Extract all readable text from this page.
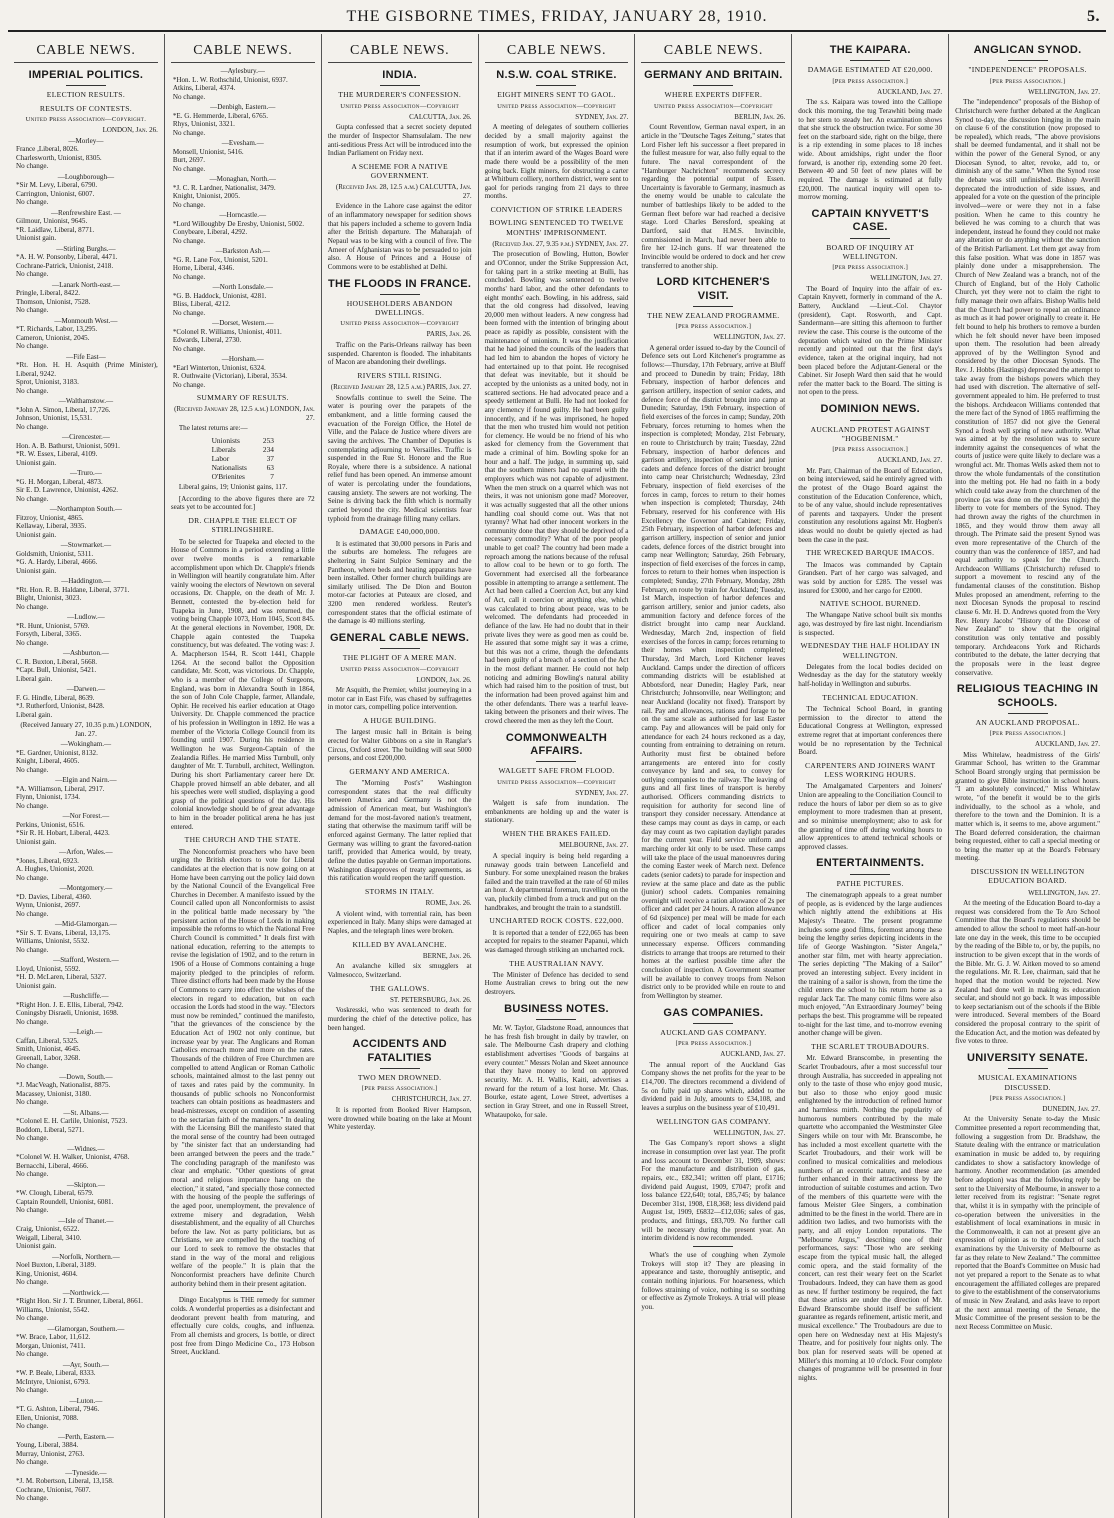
THE GISBORNE TIMES, FRIDAY, JANUARY 28, 1910.	5.
CABLE NEWS.
IMPERIAL POLITICS.
ELECTION RESULTS.
RESULTS OF CONTESTS.
United Press Association—Copyright.
LONDON, Jan. 26.
—Morley—
France ,Liberal, 8026.
Charlesworth, Unionist, 8305.
No change.
—Loughborough—
*Sir M. Levy, Liberal, 6790.
Carrington, Unionist, 6007.
No change.
—Renfrewshire East. —
Gilmour, Unionist, 9645.
*R. Laidlaw, Liberal, 8771.
Unionist gain.
—Stirling Burghs.—
*A. H. W. Ponsonby, Liberal, 4471.
Cochrane-Patrick, Unionist, 2418.
No change.
—Lanark North-east.—
Pringle, Liberal, 8422.
Thomson, Unionist, 7528.
No change.
—Monmouth West.—
*T. Richards, Labor, 13,295.
Cameron, Unionist, 2045.
No change.
—Fife East—
*Rt. Hon. H. H. Asquith (Prime Minister), Liberal, 9242.
Sprot, Unionist, 3183.
No change.
—Walthamstow.—
*John A. Simon, Liberal, 17,726.
Johnson, Unionist, 15,531.
No change.
—Cirencester.—
Hon. A. B. Bathurst, Unionist, 5091.
*R. W. Essex, Liberal, 4109.
Unionist gain.
—Truro.—
*G. H. Morgan, Liberal, 4873.
Sir E. D. Lawrence, Unionist, 4262.
No change.
—Northampton South.—
Fitzroy, Unionist, 4865.
Kellaway, Liberal, 3935.
Unionist gain.
—Stowmarket.—
Goldsmith, Unionist, 5311.
*G. A. Hardy, Liberal, 4666.
Unionist gain.
—Haddington.—
*Rt. Hon. R. B. Haldane, Liberal, 3771.
Blight, Unionist, 3023.
No change.
—Ludlow.—
*R. Hunt, Unionist, 5769.
Forsyth, Liberal, 3365.
No change.
—Ashburton.—
C. R. Buxton, Liberal, 5668.
*Capt. Bull, Unionist, 5421.
Liberal gain.
—Darwen.—
F. G. Hindle, Liberal, 8639.
*J. Rutherford, Unionist, 8428.
Liberal gain.
(Received January 27, 10.35 p.m.) LONDON, Jan. 27.
—Wokingham.—
*E. Gardner, Unionist, 8132.
Knight, Liberal, 4605.
No change.
—Elgin and Nairn.—
*A. Williamson, Liberal, 2917.
Flynn, Unionist, 1734.
No change.
—Nor Forest.—
Perkins, Unionist, 6516.
*Sir R. H. Hobart, Liberal, 4423.
Unionist gain.
—Arfon, Wales.—
*Jones, Liberal, 6923.
A. Hughes, Unionist, 2020.
No change.
—Montgomery.—
*D. Davies, Liberal, 4360.
Wynn, Unionist, 2697.
No change.
—Mid-Glamorgan.—
*Sir S. T. Evans, Liberal, 13,175.
Williams, Unionist, 5532.
No change.
—Stafford, Western.—
Lloyd, Unionist, 5592.
*H. D. McLaren, Liberal, 5327.
Unionist gain.
—Rushcliffe.—
*Right Hon. J. E. Ellis, Liberal, 7942.
Coningsby Disraeli, Unionist, 1698.
No change.
—Leigh.—
Caffan, Liberal, 5325.
Smith, Unionist, 4645.
Greenall, Labor, 3268.
No change.
—Down, South.—
*J. MacVeagh, Nationalist, 8875.
Macassey, Unionist, 3180.
No change.
—St. Albans.—
*Colonel E. H. Carlile, Unionist, 7523.
Boddom, Liberal, 5271.
No change.
—Widnes.—
*Colonel W. H. Walker, Unionist, 4768.
Bernacchi, Liberal, 4666.
No change.
—Skipton.—
*W. Clough, Liberal, 6579.
Captain Roundell, Unionist, 6081.
No change.
—Isle of Thanet.—
Craig, Unionist, 6522.
Weigall, Liberal, 3410.
Unionist gain.
—Norfolk, Northern.—
Noel Buxton, Liberal, 3189.
King, Unionist, 4604.
No change.
—Northwick.—
*Right Hon. Sir J. T. Brunner, Liberal, 8661.
Williams, Unionist, 5542.
No change.
—Glamorgan, Southern.—
*W. Brace, Labor, 11,612.
Morgan, Unionist, 7411.
No change.
—Ayr, South.—
*W. P. Beale, Liberal, 8333.
McIntyre, Unionist, 6793.
No change.
—Luton.—
*T. G. Ashton, Liberal, 7946.
Ellen, Unionist, 7088.
No change.
—Perth, Eastern.—
Young, Liberal, 3884.
Murray, Unionist, 2763.
No change.
—Tyneside.—
*J. M. Robertson, Liberal, 13,158.
Cochrane, Unionist, 7607.
No change.
CABLE NEWS.
—Aylesbury.—
*Hon. L. W. Rothschild, Unionist, 6937.
Atkins, Liberal, 4374.
No change.
—Denbigh, Eastern.—
*E. G. Hemmerde, Liberal, 6765.
Rhys, Unionist, 3321.
No change.
—Evesham.—
Monsell, Unionist, 5416.
Burt, 2697.
No change.
—Monaghan, North.—
*J. C. R. Lardner, Nationalist, 3479.
Knight, Unionist, 2005.
No change.
—Horncastle.—
*Lord Willoughby De Eresby, Unionist, 5002.
Conybeare, Liberal, 4292.
No change.
—Barkston Ash.—
*G. R. Lane Fox, Unionist, 5201.
Horne, Liberal, 4346.
No change.
—North Lonsdale.—
*G. B. Haddock, Unionist, 4281.
Bliss, Liberal, 4212.
No change.
—Dorset, Western.—
*Colonel R. Williams, Unionist, 4011.
Edwards, Liberal, 2730.
No change.
—Horsham.—
*Earl Winterton, Unionist, 6324.
R. Outhwaite (Victorian), Liberal, 3534.
No change.
SUMMARY OF RESULTS.
(Received January 28, 12.5 a.m.) LONDON, Jan. 27.

The latest returns are:—

Unionists	253
Liberals	234
Labor	37
Nationalists	63
O'Brienites	7

Liberal gains, 19; Unionist gains, 117.

[According to the above figures there are 72 seats yet to be accounted for.]

DR. CHAPPLE THE ELECT OF STIRLINGSHIRE.

To be selected for Tuapeka and elected to the House of Commons in a period extending a little over twelve months is a remarkable accomplishment upon which Dr. Chapple's friends in Wellington will heartily congratulate him. After vainly wooing the electors of Newtown on several occasions, Dr. Chapple, on the death of Mr. J. Bennett, contested the by-election held for Tuapeka in June, 1908, and was returned, the voting being Chapple 1073, Horn 1045, Scott 845. At the general elections in November, 1908, Dr. Chapple again contested the Tuapeka constituency, but was defeated. The voting was: J. A. Macpherson 1544, R. Scott 1441, Chapple 1264. At the second ballot the Opposition candidate, Mr. Scott, was victorious. Dr. Chapple, who is a member of the College of Surgeons, England, was born in Alexandra South in 1864, the son of John Cole Chapple, farmer, Allandale, Ophir. He received his earlier education at Otago University. Dr. Chapple commenced the practice of his profession in Wellington in 1892. He was a member of the Victoria College Council from its founding until 1907. During his residence in Wellington he was Surgeon-Captain of the Zealandia Rifles. He married Miss Turnbull, only daughter of Mr. T. Turnbull, architect, Wellington. During his short Parliamentary career here Dr. Chapple proved himself an able debater, and all his speeches were well studied, displaying a good grasp of the political questions of the day. His colonial knowledge should be of great advantage to him in the broader political arena he has just entered.

THE CHURCH AND THE STATE.

The Nonconformist preachers who have been urging the British electors to vote for Liberal candidates at the election that is now going on at Home have been carrying out the policy laid down by the National Council of the Evangelical Free Churches in December. A manifesto issued by the Council called upon all Nonconformists to assist in the political battle made necessary by "the persistent action of the House of Lords in making impossible the reforms to which the National Free Church Council is committed." It deals first with national education, referring to the attempts to revise the legislation of 1902, and to the return in 1906 of a House of Commons containing a huge majority pledged to the principles of reform. Three distinct efforts had been made by the House of Commons to carry into effect the wishes of the electors in regard to education, but on each occasion the Lords had stood in the way. "Electors must now be reminded," continued the manifesto, "that the grievances of the conscience by the Education Act of 1902 not only continue, but increase year by year. The Anglicans and Roman Catholics encroach more and more on the rates. Thousands of the children of Free Churchmen are compelled to attend Anglican or Roman Catholic schools, maintained almost to the last penny out of taxes and rates paid by the community. In thousands of public schools no Nonconformist teachers can obtain positions as headmasters and head-mistresses, except on condition of assenting to the sectarian faith of the managers." In dealing with the Licensing Bill the manifesto stated that the moral sense of the country had been outraged by "the sinister fact that an understanding had been arranged between the peers and the trade." The concluding paragraph of the manifesto was clear and emphatic. "Other questions of great moral and religious importance hang on the election," it stated, "and specially those connected with the housing of the people the sufferings of the aged poor, unemployment, the prevalence of extreme misery and degradation, Welsh disestablishment, and the equality of all Churches before the law. Not as party politicians, but as Christians, we are compelled by the teaching of our Lord to seek to remove the obstacles that stand in the way of the moral and religious welfare of the people." It is plain that the Nonconformist preachers have definite Church authority behind them in their present agitation.

Dingo Eucalyptus is THE remedy for summer colds. A wonderful properties as a disinfectant and deodorant prevent health from maturing, and effectually cure colds, coughs, and influenza. From all chemists and grocers, 1s bottle, or direct post free from Dingo Medicine Co., 173 Hobson Street, Auckland.

CABLE NEWS.
INDIA.
THE MURDERER'S CONFESSION.
United Press Association—Copyright
CALCUTTA, Jan. 26.

Gupta confessed that a secret society deputed the murder of Inspector Shamsulalam. The new anti-seditious Press Act will be introduced into the Indian Parliament on Friday next.

A SCHEME FOR A NATIVE GOVERNMENT.
(Received Jan. 28, 12.5 a.m.) CALCUTTA, Jan. 27.

Evidence in the Lahore case against the editor of an inflammatory newspaper for sedition shows that his papers included a scheme to govern India after the British departure. The Maharajah of Nepaul was to be king with a council of five. The Ameer of Afghanistan was to be persuaded to join also. A House of Princes and a House of Commons were to be established at Delhi.

THE FLOODS IN FRANCE.
HOUSEHOLDERS ABANDON DWELLINGS.
United Press Association—Copyright
PARIS, Jan. 26.

Traffic on the Paris-Orleans railway has been suspended. Charenton is flooded. The inhabitants of Macon are abandoning their dwellings.

RIVERS STILL RISING.
(Received January 28, 12.5 a.m.) PARIS, Jan. 27.

Snowfalls continue to swell the Seine. The water is pouring over the parapets of the embankment, and a little forming caused the evacuation of the Foreign Office, the Hotel de Ville, and the Palace de Justice where divers are saving the archives. The Chamber of Deputies is contemplating adjourning to Versailles. Traffic is suspended in the Rue St. Honore and the Rue Royale, where there is a subsidence. A national relief fund has been opened. An immense amount of water is percolating under the foundations, causing anxiety. The sewers are not working. The Seine is driving back the filth which is normally carried beyond the city. Medical scientists fear typhoid from the drainage filling many cellars.

DAMAGE £40,000,000.

It is estimated that 30,000 persons in Paris and the suburbs are homeless. The refugees are sheltering in Saint Sulpice Seminary and the Pantheon, where beds and heating apparatus have been installed. Other former church buildings are similarly utilised. The De Dion and Bouton motor-car factories at Puteaux are closed, and 3200 men rendered workless. Reuter's correspondent states that the official estimate of the damage is 40 millions sterling.

GENERAL CABLE NEWS.
THE PLIGHT OF A MERE MAN.
United Press Association—Copyright
LONDON, Jan. 26.

Mr Asquith, the Premier, whilst journeying in a motor car in East Fife, was chased by suffragettes in motor cars, compelling police intervention.

A HUGE BUILDING.

The largest music hall in Britain is being erected for Walter Gibbons on a site in Ranglar's Circus, Oxford street. The building will seat 5000 persons, and cost £200,000.

GERMANY AND AMERICA.

The "Morning Post's" Washington correspondent states that the real difficulty between America and Germany is not the admission of American meat, but Washington's demand for the most-favored nation's treatment, stating that otherwise the maximum tariff will be enforced against Germany. The latter replied that Germany was willing to grant the favored-nation tariff, provided that America would, by treaty, define the duties payable on German importations. Washington disapproves of treaty agreements, as this ratification would reopen the tariff question.

STORMS IN ITALY.
ROME, Jan. 26.

A violent wind, with torrential rain, has been experienced in Italy. Many ships were damaged at Naples, and the telegraph lines were broken.

KILLED BY AVALANCHE.
BERNE, Jan. 26.

An avalanche killed six smugglers at Valmesocco, Switzerland.

THE GALLOWS.
ST. PETERSBURG, Jan. 26.

Voskresski, who was sentenced to death for murdering the chief of the detective police, has been hanged.

ACCIDENTS AND FATALITIES
TWO MEN DROWNED.
[Per Press Association.]
CHRISTCHURCH, Jan. 27.

It is reported from Booked River Hampson, were drowned while boating on the lake at Mount White yesterday.

CABLE NEWS.
N.S.W. COAL STRIKE.
EIGHT MINERS SENT TO GAOL.
United Press Association—Copyright
SYDNEY, Jan. 27.

A meeting of delegates of southern collieries decided by a small majority against the resumption of work, but expressed the opinion that if an interim award of the Wages Board were made there would be a possibility of the men going back. Eight miners, for obstructing a carter at Whitburn colliery, northern district, were sent to gaol for periods ranging from 21 days to three months.

CONVICTION OF STRIKE LEADERS
BOWLING SENTENCED TO TWELVE MONTHS' IMPRISONMENT.
(Received Jan. 27, 9.35 p.m.) SYDNEY, Jan. 27.

The prosecution of Bowling, Hutton, Bowler and O'Connor, under the Strike Suppression Act, for taking part in a strike meeting at Bulli, has concluded. Bowling was sentenced to twelve months' hard labor, and the other defendants to eight months' each. Bowling, in his address, said that the old congress had dissolved, leaving 20,000 men without leaders. A new congress had been formed with the intention of bringing about peace as rapidly as possible, consistent with the maintenance of unionism. It was the justification that he had joined the councils of the leaders that had led him to abandon the hopes of victory he had entertained up to that point. He recognised that defeat was inevitable, but it should be accepted by the unionists as a united body, not in scattered sections. He had advocated peace and a speedy settlement at Bulli. He had not looked for any clemency if found guilty. He had been guilty innocently, and if he was imprisoned, he hoped that the men who trusted him would not petition for clemency. He would be no friend of his who asked for clemency from the Government that made a criminal of him. Bowling spoke for an hour and a half. The judge, in summing up, said that the southern miners had no quarrel with the employers which was not capable of adjustment. When the men struck on a quarrel which was not theirs, it was not unionism gone mad? Moreover, it was actually suggested that all the other unions handling coal should come out. Was that not tyranny? What had other innocent workers in the community done that they should be deprived of a necessary commodity? What of the poor people unable to get coal? The country had been made a reproach among the nations because of the refusal to allow coal to be hewn or to go forth. The Government had exercised all the forbearance possible in attempting to arrange a settlement. The Act had been called a Coercion Act, but any kind of Act, call it coercion or anything else, which was calculated to bring about peace, was to be welcomed. The defendants had proceeded in defiance of the law. He had no doubt that in their private lives they were as good men as could be. He assured that some might say it was a crime, but this was not a crime, though the defendants had been guilty of a breach of a section of the Act in the most defiant manner. He could not help noticing and admiring Bowling's natural ability which had raised him to the position of trust, but the information had been proved against him and the other defendants. There was a tearful leave-taking between the prisoners and their wives. The crowd cheered the men as they left the Court.

COMMONWEALTH AFFAIRS.
WALGETT SAFE FROM FLOOD.
United Press Association—Copyright
SYDNEY, Jan. 27.

Walgett is safe from inundation. The embankments are holding up and the water is stationary.

WHEN THE BRAKES FAILED.
MELBOURNE, Jan. 27.

A special inquiry is being held regarding a runaway goods train between Lancefield and Sunbury. For some unexplained reason the brakes failed and the train travelled at the rate of 60 miles an hour. A departmental foreman, travelling on the van, pluckily climbed from a truck and put on the handbrakes, and brought the train to a standstill.

UNCHARTED ROCK COSTS. £22,000.

It is reported that a tender of £22,065 has been accepted for repairs to the steamer Papanui, which was damaged through striking an uncharted rock.

THE AUSTRALIAN NAVY.

The Minister of Defence has decided to send Home Australian crews to bring out the new destroyers.

BUSINESS NOTES.

Mr. W. Taylor, Gladstone Road, announces that he has fresh fish brought in daily by trawler, on sale. The Melbourne Cash drapery and clothing establishment advertises "Goods of bargains at every counter." Messrs Nolan and Skeet announce that they have money to lend on approved security. Mr. A. H. Wallis, Kaiti, advertises a reward for the return of a lost horse. Mr. Chas. Bourke, estate agent, Lowe Street, advertises a section in Gray Street, and one in Russell Street, Whataupoko, for sale.

CABLE NEWS.
GERMANY AND BRITAIN.
WHERE EXPERTS DIFFER.
United Press Association—Copyright
BERLIN, Jan. 26.

Count Reventlow, German naval expert, in an article in the "Deutsche Tages Zeitung," states that Lord Fisher left his successor a fleet prepared in the fullest measure for war, also fully equal to the future. The naval correspondent of the "Hamburger Nachrichten" recommends secrecy regarding the potential output of Essen. Uncertainty is favorable to Germany, inasmuch as the enemy would be unable to calculate the number of battleships likely to be added to the German fleet before war had reached a decisive stage. Lord Charles Beresford, speaking at Dartford, said that H.M.S. Invincible, commissioned in March, had never been able to fire her 12-inch guns. If war threatened the Invincible would be ordered to dock and her crew transferred to another ship.

LORD KITCHENER'S VISIT.
THE NEW ZEALAND PROGRAMME.
[Per Press Association.]
WELLINGTON, Jan. 27.

A general order issued to-day by the Council of Defence sets out Lord Kitchener's programme as follows:—Thursday, 17th February, arrive at Bluff and proceed to Dunedin by train; Friday, 18th February, inspection of harbor defences and garrison artillery, inspection of senior cadets, and defence force of the district brought into camp at Dunedin; Saturday, 19th February, inspection of field exercises of the forces in camp; Sunday, 20th February, forces returning to homes when the inspection is completed; Monday, 21st February, en route to Christchurch by train; Tuesday, 22nd February, inspection of harbor defences and garrison artillery, inspection of senior and junior cadets and defence forces of the district brought into camp near Christchurch; Wednesday, 23rd February, inspection of field exercises of the forces in camp, forces to return to their homes when inspection is completed; Thursday, 24th February, reserved for his conference with His Excellency the Governor and Cabinet; Friday, 25th February, inspection of harbor defences and garrison artillery, inspection of senior and junior cadets, defence forces of the district brought into camp near Wellington; Saturday, 26th February, inspection of field exercises of the forces in camp, forces to return to their homes when inspection is completed; Sunday, 27th February, Monday, 28th February, en route by train for Auckland; Tuesday, 1st March, inspection of harbor defences and garrison artillery, senior and junior cadets, also ammunition factory and defence forces of the district brought into camp near Auckland. Wednesday, March 2nd, inspection of field exercises of the forces in camp; forces returning to their homes when inspection completed; Thursday, 3rd March, Lord Kitchener leaves Auckland. Camps under the direction of officers commanding districts will be established at Abbotsford, near Dunedin; Hagley Park, near Christchurch; Johnsonville, near Wellington; and near Auckland (locality not fixed). Transport by rail. Pay and allowances, rations and forage to be on the same scale as authorised for last Easter camp. Pay and allowances will be paid only for attendance for each 24 hours reckoned as a day, counting from entraining to detraining on return. Authority must first be obtained before arrangements are entered into for costly conveyance by land and sea, to convey for outlying companies to the railway. The leaving of guns and all first lines of transport is hereby authorised. Officers commanding districts to requisition for authority for second line of transport they consider necessary. Attendance at these camps may count as days in camp, or each day may count as two capitation daylight parades for the current year. Field service uniform and marching order kit only to be used. These camps will take the place of the usual manoeuvres during the coming Easter week of March next. Defence cadets (senior cadets) to parade for inspection and review at the same place and date as the public (junior) school cadets. Companies remaining overnight will receive a ration allowance of 2s per officer and cadet per 24 hours. A ration allowance of 6d (sixpence) per meal will be made for each officer and cadet of local companies only requiring one or two meals at camp to save unnecessary expense. Officers commanding districts to arrange that troops are returned to their homes at the earliest possible time after the conclusion of inspection. A Government steamer will be available to convey troops from Nelson district only to be provided while en route to and from Wellington by steamer.

GAS COMPANIES.
AUCKLAND GAS COMPANY.
[Per Press Association.]
AUCKLAND, Jan. 27.

The annual report of the Auckland Gas Company shows the net profits for the year to be £14,700. The directors recommend a dividend of 5s on fully paid up shares which, added to the dividend paid in July, amounts to £34,108, and leaves a surplus on the business year of £10,491.

WELLINGTON GAS COMPANY.
WELLINGTON, Jan. 27.

The Gas Company's report shows a slight increase in consumption over last year. The profit and loss account to December 31, 1909, shows: For the manufacture and distribution of gas, repairs, etc., £82,341; written off plant, £1716; dividend paid August, 1909, £7047; profit and loss balance £22,640; total, £85,745; by balance December 31st, 1908, £18,368; less dividend paid August 1st, 1909, £6832—£12,036; sales of gas, products, and fittings, £83,709. No further call will be necessary during the present year. An interim dividend is now recommended.

What's the use of coughing when Zymole Trokeys will stop it? They are pleasing in appearance and taste, thoroughly antiseptic, and contain nothing injurious. For hoarseness, which follows straining of voice, nothing is so soothing or effective as Zymole Trokeys. A trial will please you.

THE KAIPARA.
DAMAGE ESTIMATED AT £20,000.
[Per Press Association.]
AUCKLAND, Jan. 27.

The s.s. Kaipara was towed into the Calliope dock this morning, the tug Terawhiti being made to her stern to steady her. An examination shows that she struck the obstruction twice. For some 30 feet on the starboard side, right on the bilge, there is a rip extending in some places to 18 inches wide. About amidships, right under the floor forward, is another rip, extending some 20 feet. Between 40 and 50 feet of new plates will be required. The damage is estimated at fully £20,000. The nautical inquiry will open to-morrow morning.

CAPTAIN KNYVETT'S CASE.
BOARD OF INQUIRY AT WELLINGTON.
[Per Press Association.]
WELLINGTON, Jan. 27.

The Board of Inquiry into the affair of ex-Captain Knyvett, formerly in command of the A. Battery, Auckland —Lieut.-Col. Chaytor (president), Capt. Rosworth, and Capt. Sandermann—are sitting this afternoon to further review the case. This course is the outcome of the deputation which waited on the Prime Minister recently and pointed out that the first day's evidence, taken at the original inquiry, had not been placed before the Adjutant-General or the Cabinet. Sir Joseph Ward then said that he would refer the matter back to the Board. The sitting is not open to the press.

DOMINION NEWS.
AUCKLAND PROTEST AGAINST "HOGBENISM."
[Per Press Association.]
AUCKLAND, Jan. 27.

Mr. Parr, Chairman of the Board of Education, on being interviewed, said he entirely agreed with the protest of the Otago Board against the constitution of the Education Conference, which, to be of any value, should include representatives of parents and taxpayers. Under the present constitution any resolutions against Mr. Hogben's ideas would no doubt be quietly ejected as had been the case in the past.

THE WRECKED BARQUE IMACOS.

The Imacos was commanded by Captain Grandsen. Part of her cargo was salvaged, and was sold by auction for £285. The vessel was insured for £3000, and her cargo for £2000.

NATIVE SCHOOL BURNED.

The Whangape Native school built six months ago, was destroyed by fire last night. Incendiarism is suspected.

WEDNESDAY THE HALF HOLIDAY IN WELLINGTON.

Delegates from the local bodies decided on Wednesday as the day for the statutory weekly half-holiday in Wellington and suburbs.

TECHNICAL EDUCATION.

The Technical School Board, in granting permission to the director to attend the Educational Congress at Wellington, expressed extreme regret that at important conferences there would be no representation by the Technical Board.

CARPENTERS AND JOINERS WANT LESS WORKING HOURS.

The Amalgamated Carpenters and Joiners' Union are appealing to the Conciliation Council to reduce the hours of labor per diem so as to give employment to more tradesmen than at present, and so minimise unemployment; also to ask for the granting of time off during working hours to allow apprentices to attend technical schools or approved classes.

ENTERTAINMENTS.
PATHE PICTURES.

The cinematograph appeals to a great number of people, as is evidenced by the large audiences which nightly attend the exhibitions at His Majesty's Theatre. The present programme includes some good films, foremost among these being the lengthy series depicting incidents in the life of George Washington. "Sister Angela," another star film, met with hearty appreciation. The series depicting "The Making of a Sailor" proved an interesting subject. Every incident in the training of a sailor is shown, from the time the child enters the school to his return home as a regular Jack Tar. The many comic films were also much enjoyed, "An Extraordinary Journey" being perhaps the best. This programme will be repeated to-night for the last time, and to-morrow evening another change will be given.

THE SCARLET TROUBADOURS.

Mr. Edward Branscombe, in presenting the Scarlet Troubadours, after a most successful tour through Australia, has succeeded in appealing not only to the taste of those who enjoy good music, but also to those who enjoy good music enlightened by the introduction of refined humor and harmless mirth. Nothing the popularity of humorous numbers contributed by the male quartette who accompanied the Westminster Glee Singers while on tour with Mr. Branscombe, he has included a most excellent quartette with the Scarlet Troubadours, and their work will be confined to musical comicalities and melodious numbers of an eccentric nature, and these are further enhanced in their attractiveness by the introduction of suitable costumes and action. Two of the members of this quartette were with the famous Meister Glee Singers, a combination admitted to be the finest in the world. There are in addition two ladies, and two humorists with the party, and all enjoy London reputations. The "Melbourne Argus," describing one of their performances, says: "Those who are seeking escape from the typical music hall, the alleged comic opera, and the staid formality of the concert, can rest their weary feet on the Scarlet Troubadours. Indeed, they can have them as good as new. If further testimony be required, the fact that these artists are under the direction of Mr. Edward Branscombe should itself be sufficient guarantee as regards refinement, artistic merit, and musical excellence." The Troubadours are due to open here on Wednesday next at His Majesty's Theatre, and for positively four nights only. The box plan for reserved seats will be opened at Miller's this morning at 10 o'clock. Four complete changes of programme will be presented in four nights.

ANGLICAN SYNOD.
"INDEPENDENCE" PROPOSALS.
[Per Press Association.]
WELLINGTON, Jan. 27.

The "independence" proposals of the Bishop of Christchurch were further debated at the Anglican Synod to-day, the discussion hinging in the main on clause 6 of the constitution (now proposed to be repealed), which reads, "The above provisions shall be deemed fundamental, and it shall not be within the power of the General Synod, or any Diocesan Synod, to alter, revoke, add to, or diminish any of the same." When the Synod rose the debate was still unfinished. Bishop Averill deprecated the introduction of side issues, and appealed for a vote on the question of the principle involved—were or were they not in a false position. When he came to this country he believed he was coming to a church that was independent, instead he found they could not make any alteration or do anything without the sanction of the British Parliament. Let them get away from this false position. What was done in 1857 was plainly done under a misapprehension. The Church of New Zealand was a branch, not of the Church of England, but of the Holy Catholic Church, yet they were not to claim the right to fully manage their own affairs. Bishop Wallis held that the Church had power to repeal an ordinance as much as it had power originally to create it. He felt bound to help his brothers to remove a burden which he felt should never have been imposed upon them. The resolution had been already approved of by the Wellington Synod and considered by the other Diocesan Synods. The Rev. J. Hobbs (Hastings) deprecated the attempt to take away from the bishops powers which they had used with discretion. The alternative of self-government appealed to him. He preferred to trust the bishops. Archdeacon Williams contended that the mere fact of the Synod of 1865 reaffirming the constitution of 1857 did not give the General Synod a fresh well spring of new authority. What was aimed at by the resolution was to secure indemnity against the consequences of what the courts of justice were quite likely to declare was a wrongful act. Mr. Thomas Wells asked them not to throw the whole fundamentals of the constitution into the melting pot. He had no faith in a body which could take away from the churchmen of the province (as was done on the previous night) the liberty to vote for members of the Synod. They had thrown away the rights of the churchmen in 1865, and they would throw them away all through. The Primate said the present Synod was even more representative of the Church of the country than was the conference of 1857, and had equal authority to speak for the Church. Archdeacon Williams (Christchurch) refused to support a movement to rescind any of the fundamental clauses of the constitution. Bishop Mules proposed an amendment, referring to the next Diocesan Synods the proposal to rescind clause 6. Mr. H. D. Andrews quoted from the Very Rev. Henry Jacobs' "History of the Diocese of New Zealand" to show that the original constitution was only tentative and possibly temporary. Archdeacons York and Richards contributed to the debate, the latter decrying that the proposals were in the least degree conservative.

RELIGIOUS TEACHING IN SCHOOLS.
AN AUCKLAND PROPOSAL.
[Per Press Association.]
AUCKLAND, Jan. 27.

Miss Whitelaw, headmistress of the Girls' Grammar School, has written to the Grammar School Board strongly urging that permission be granted to give Bible instruction in school hours. "I am absolutely convinced," Miss Whitelaw wrote, "of the benefit it would be to the girls individually, to the school as a whole, and therefore to the town and the Dominion. It is a matter which is, it seems to me, above argument." The Board deferred consideration, the chairman being requested, either to call a special meeting or to bring the matter up at the Board's February meeting.

DISCUSSION IN WELLINGTON EDUCATION BOARD.
WELLINGTON, Jan. 27.

At the meeting of the Education Board to-day a request was considered from the Te Aro School Committee that the Board's regulations should be amended to allow the school to meet half-an-hour late one day in the week, this time to be occupied by the reading of the Bible to, or by, the pupils, no instruction to be given except that in the words of the Bible. Mr. G. J. W. Aitken moved to so amend the regulations. Mr. R. Lee, chairman, said that he hoped that the motion would be rejected. New Zealand had done well in making its education secular, and should not go back. It was impossible to keep sectarianism out of the schools if the Bible were introduced. Several members of the Board considered the proposal contrary to the spirit of the Education Act, and the motion was defeated by five votes to three.

UNIVERSITY SENATE.
MUSICAL EXAMINATIONS DISCUSSED.
[Per Press Association.]
DUNEDIN, Jan. 27.

At the University Senate to-day the Music Committee presented a report recommending that, following a suggestion from Dr. Bradshaw, the Statute dealing with the entrance or matriculation examination in music be added to, by requiring candidates to show a satisfactory knowledge of harmony. Another recommendation (as amended before adoption) was that the following reply be sent to the University of Melbourne, in answer to a letter received from its registrar: "Senate regret that, whilst it is in sympathy with the principle of co-operation between the universities in the establishment of local examinations in music in the Commonwealth, it can not at present give an expression of opinion as to the conduct of such examinations by the University of Melbourne as far as they relate to New Zealand." The committee reported that the Board's Committee on Music had not yet prepared a report to the Senate as to what encouragement the affiliated colleges are prepared to give to the establishment of the conservatoriums of music in New Zealand, and asks leave to report at the next annual meeting of the Senate, the Music Committee of the present session to be the next Recess Committee on Music.
